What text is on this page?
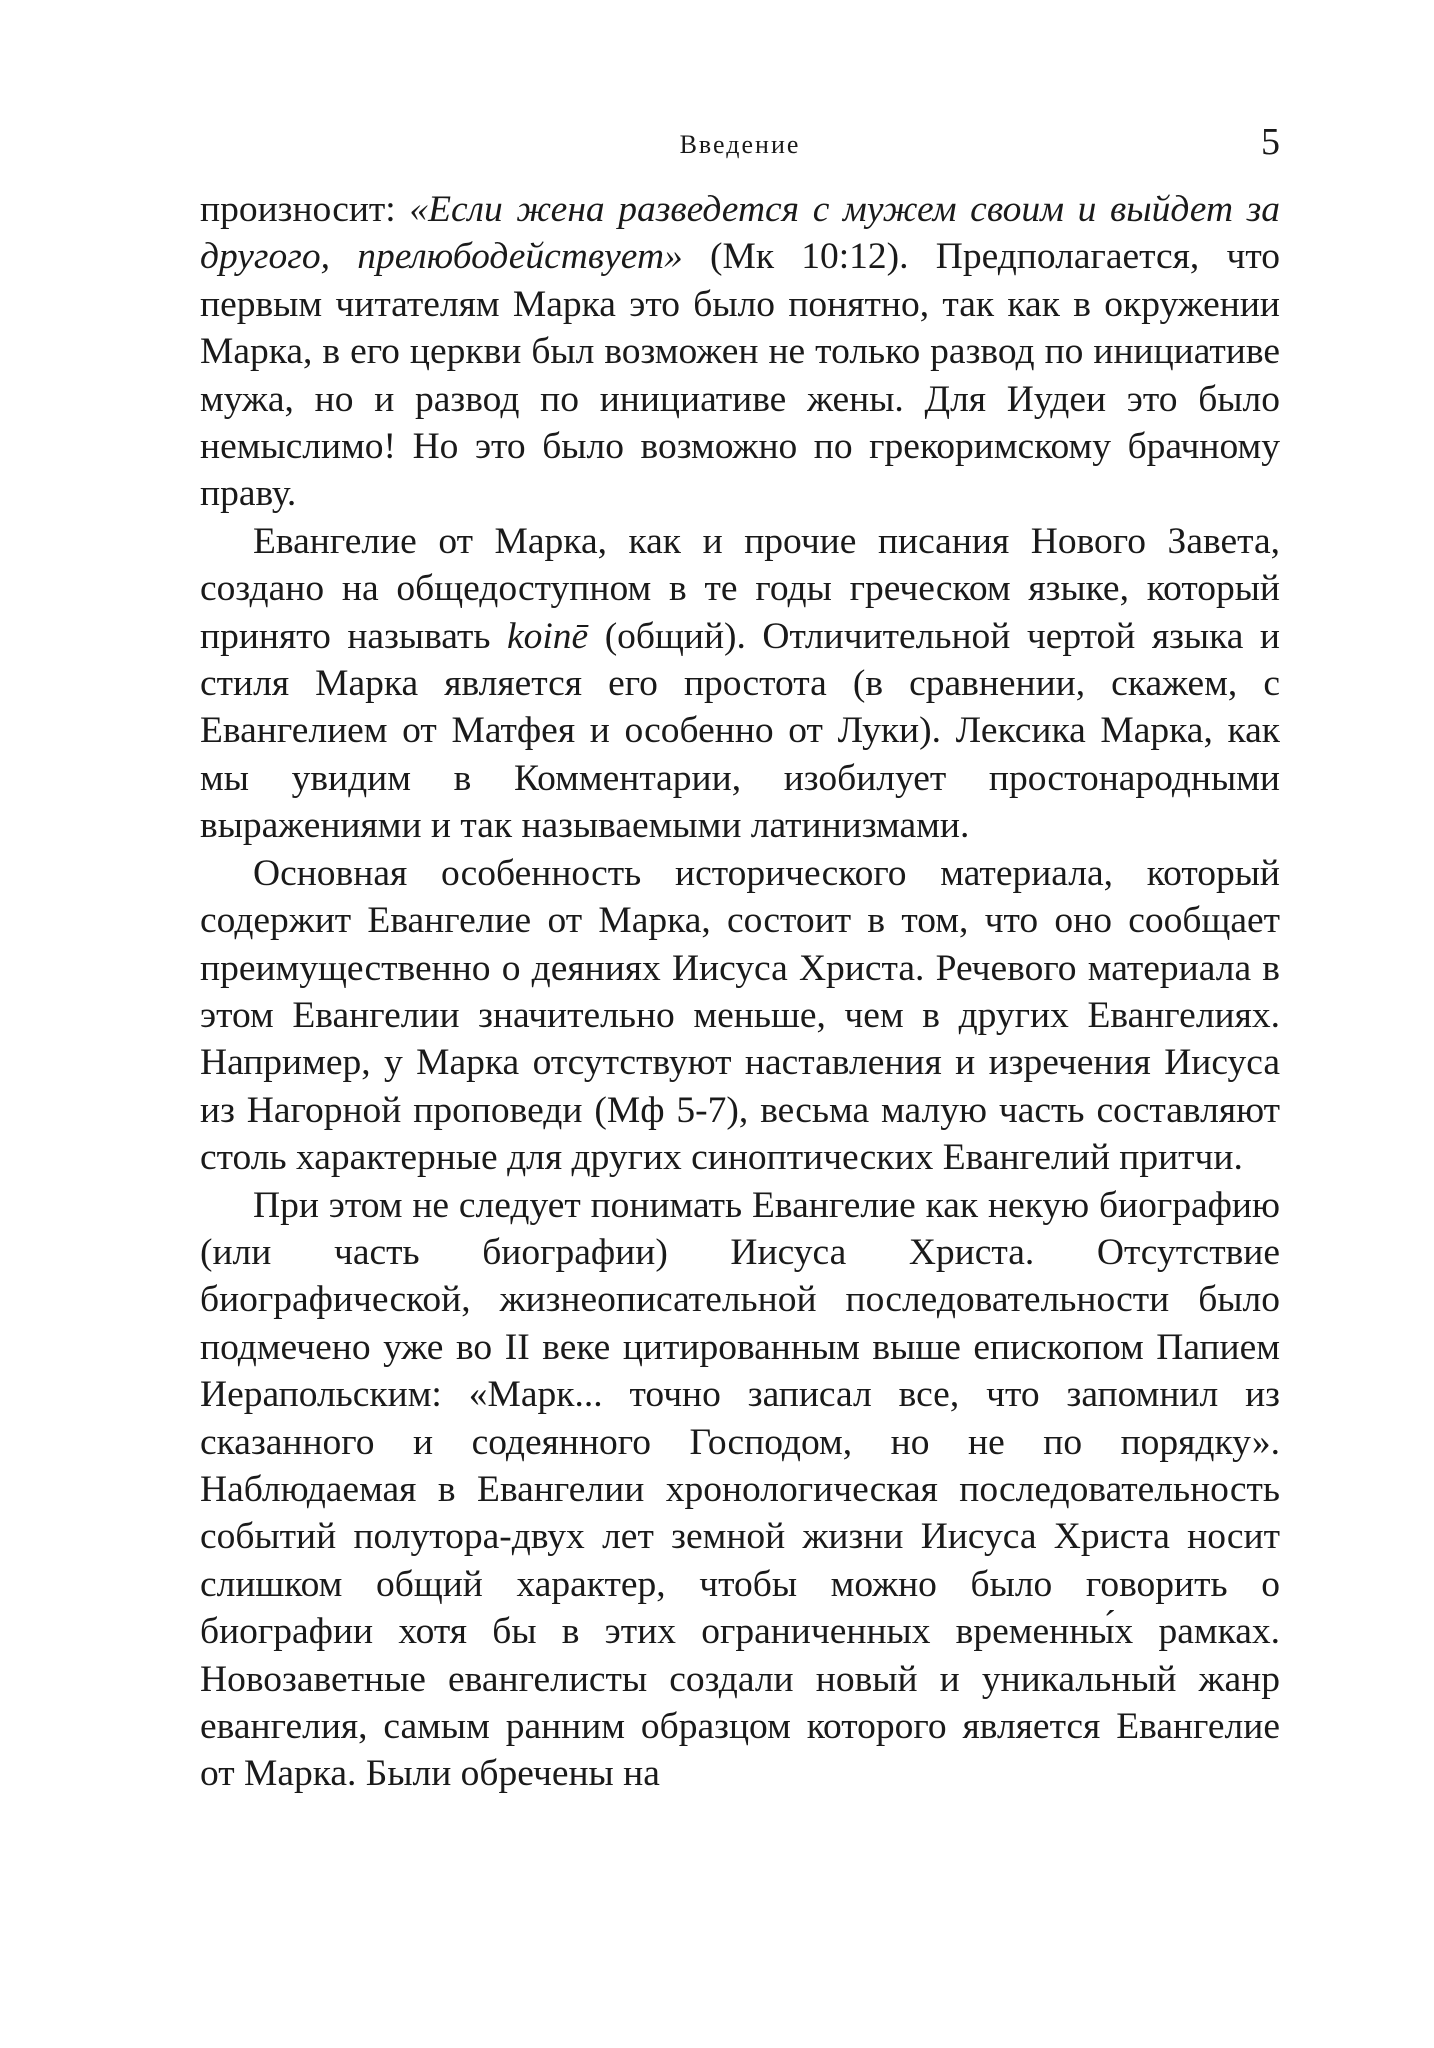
Введение	5

произносит: «Если жена разведется с мужем своим и выйдет за другого, прелюбодействует» (Мк 10:12). Предполагается, что первым читателям Марка это было понятно, так как в окружении Марка, в его церкви был возможен не только развод по инициативе мужа, но и развод по инициативе жены. Для Иудеи это было немыслимо! Но это было возможно по грекоримскому брачному праву.

Евангелие от Марка, как и прочие писания Нового Завета, создано на общедоступном в те годы греческом языке, который принято называть koinē (общий). Отличительной чертой языка и стиля Марка является его простота (в сравнении, скажем, с Евангелием от Матфея и особенно от Луки). Лексика Марка, как мы увидим в Комментарии, изобилует простонародными выражениями и так называемыми латинизмами.

Основная особенность исторического материала, который содержит Евангелие от Марка, состоит в том, что оно сообщает преимущественно о деяниях Иисуса Христа. Речевого материала в этом Евангелии значительно меньше, чем в других Евангелиях. Например, у Марка отсутствуют наставления и изречения Иисуса из Нагорной проповеди (Мф 5-7), весьма малую часть составляют столь характерные для других синоптических Евангелий притчи.

При этом не следует понимать Евангелие как некую биографию (или часть биографии) Иисуса Христа. Отсутствие биографической, жизнеописательной последовательности было подмечено уже во II веке цитированным выше епископом Папием Иерапольским: «Марк... точно записал все, что запомнил из сказанного и содеянного Господом, но не по порядку». Наблюдаемая в Евангелии хронологическая последовательность событий полутора-двух лет земной жизни Иисуса Христа носит слишком общий характер, чтобы можно было говорить о биографии хотя бы в этих ограниченных временны́х рамках. Новозаветные евангелисты создали новый и уникальный жанр евангелия, самым ранним образцом которого является Евангелие от Марка. Были обречены на
